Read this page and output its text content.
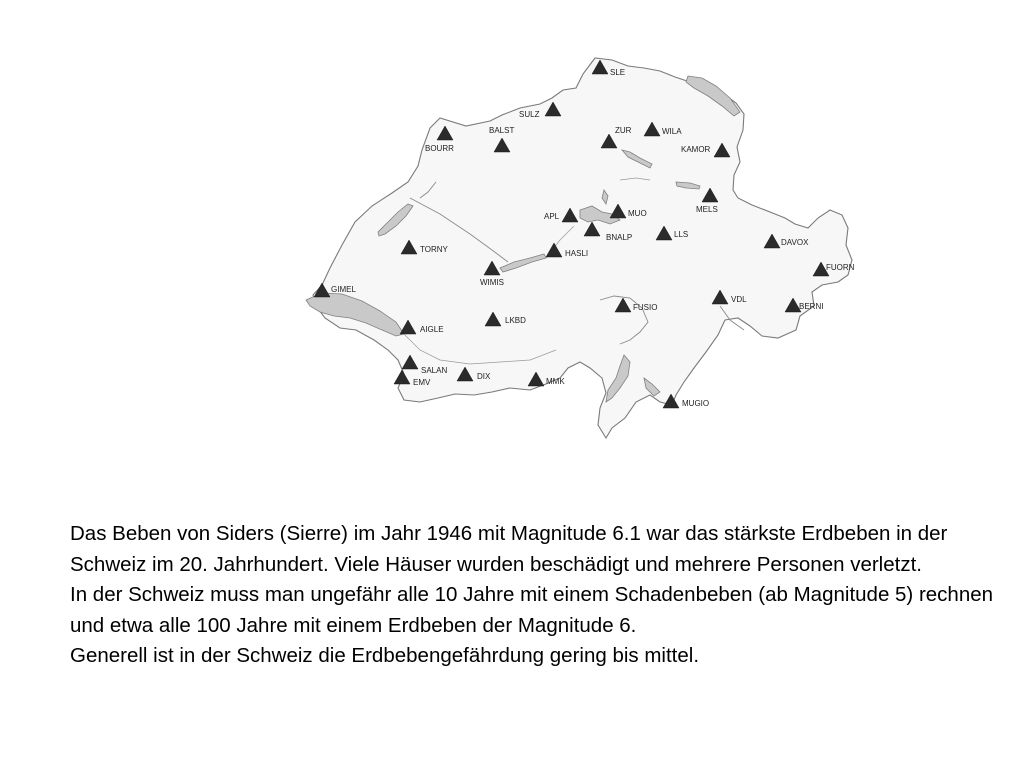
SLE
SULZ
BALST
BOURR
ZUR	WILA
KAMOR
MELS
APL	MUO
BNALP	LLS
HASLI
TORNY
WIMIS
DAVOX
FUORN
GIMEL
FUSIO
VDL
BERNI
AIGLE
LKBD
SALAN
EMV
DIX
MMK
MUGIO

Das Beben von Siders (Sierre) im Jahr 1946 mit Magnitude 6.1 war das stärkste Erdbeben in der Schweiz im 20. Jahrhundert. Viele Häuser wurden beschädigt und mehrere Personen verletzt.

In der Schweiz muss man ungefähr alle 10 Jahre mit einem Schadenbeben (ab Magnitude 5) rechnen und etwa alle 100 Jahre mit einem Erdbeben der Magnitude 6.

Generell ist in der Schweiz die Erdbebengefährdung gering bis mittel.
